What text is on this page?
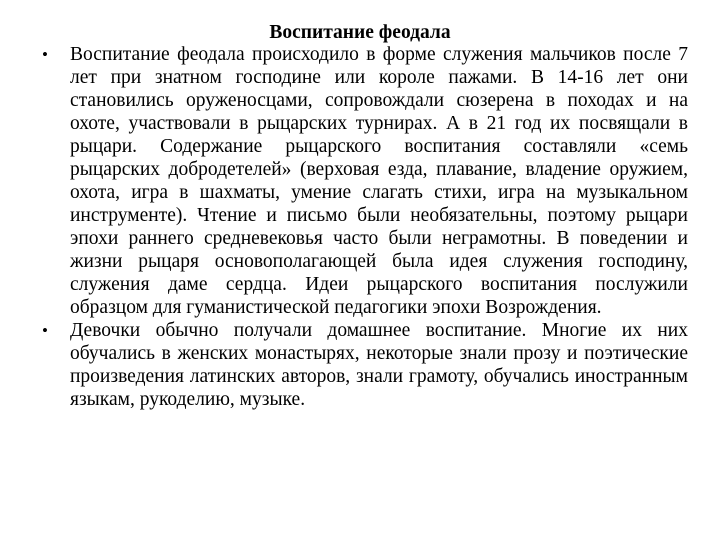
Воспитание феодала
• Воспитание феодала происходило в форме служения мальчиков после 7 лет при знатном господине или короле пажами. В 14-16 лет они становились оруженосцами, сопровождали сюзерена в походах и на охоте, участвовали в рыцарских турнирах. А в 21 год их посвящали в рыцари. Содержание рыцарского воспитания составляли «семь рыцарских добродетелей» (верховая езда, плавание, владение оружием, охота, игра в шахматы, умение слагать стихи, игра на музыкальном инструменте). Чтение и письмо были необязательны, поэтому рыцари эпохи раннего средневековья часто были неграмотны. В поведении и жизни рыцаря основополагающей была идея служения господину, служения даме сердца. Идеи рыцарского воспитания послужили образцом для гуманистической педагогики эпохи Возрождения.
• Девочки обычно получали домашнее воспитание. Многие их них обучались в женских монастырях, некоторые знали прозу и поэтические произведения латинских авторов, знали грамоту, обучались иностранным языкам, рукоделию, музыке.
